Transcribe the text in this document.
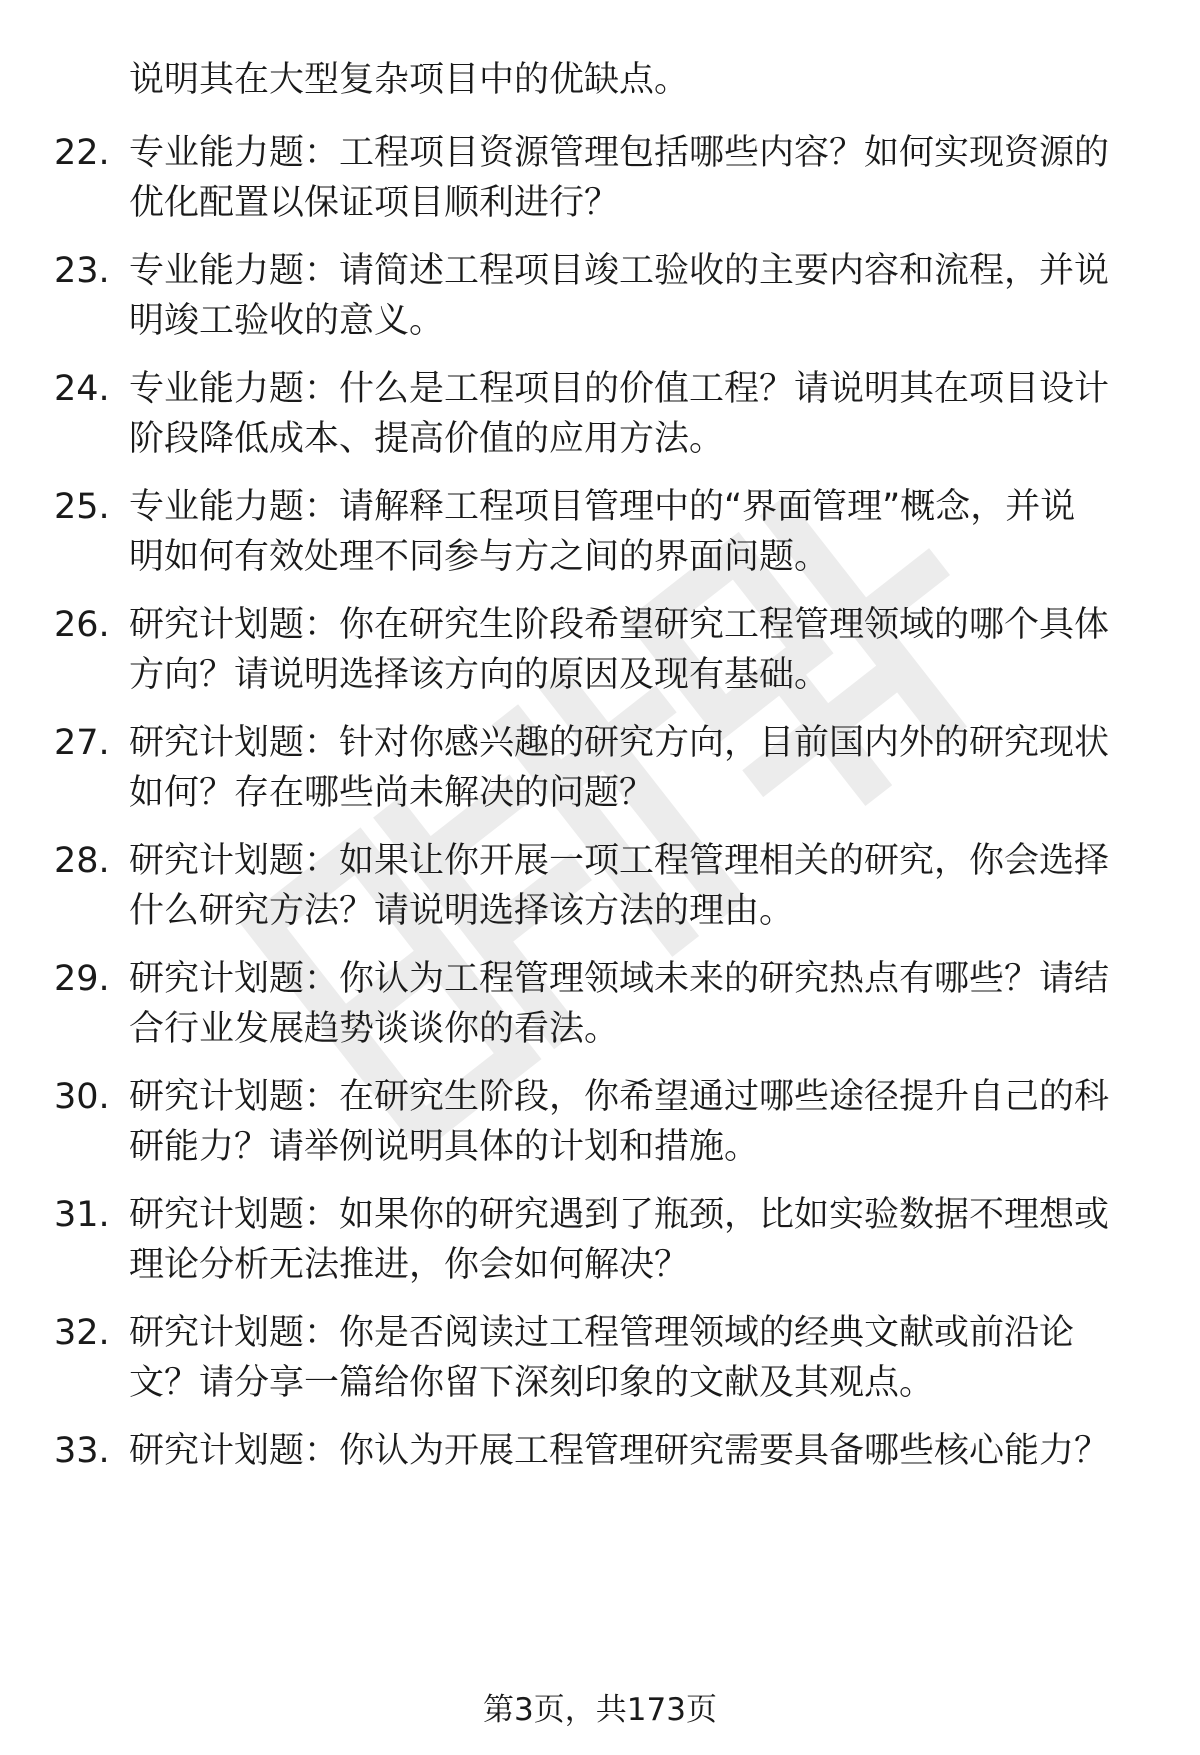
说明其在大型复杂项目中的优缺点。
22. 专业能力题：工程项目资源管理包括哪些内容？如何实现资源的
优化配置以保证项目顺利进行？
23. 专业能力题：请简述工程项目竣工验收的主要内容和流程，并说
明竣工验收的意义。
24. 专业能力题：什么是工程项目的价值工程？请说明其在项目设计
阶段降低成本、提高价值的应用方法。
25. 专业能力题：请解释工程项目管理中的“界面管理”概念，并说
明如何有效处理不同参与方之间的界面问题。
26. 研究计划题：你在研究生阶段希望研究工程管理领域的哪个具体
方向？请说明选择该方向的原因及现有基础。
27. 研究计划题：针对你感兴趣的研究方向，目前国内外的研究现状
如何？存在哪些尚未解决的问题？
28. 研究计划题：如果让你开展一项工程管理相关的研究，你会选择
什么研究方法？请说明选择该方法的理由。
29. 研究计划题：你认为工程管理领域未来的研究热点有哪些？请结
合行业发展趋势谈谈你的看法。
30. 研究计划题：在研究生阶段，你希望通过哪些途径提升自己的科
研能力？请举例说明具体的计划和措施。
31. 研究计划题：如果你的研究遇到了瓶颈，比如实验数据不理想或
理论分析无法推进，你会如何解决？
32. 研究计划题：你是否阅读过工程管理领域的经典文献或前沿论
文？请分享一篇给你留下深刻印象的文献及其观点。
33. 研究计划题：你认为开展工程管理研究需要具备哪些核心能力？
第3页，共173页
